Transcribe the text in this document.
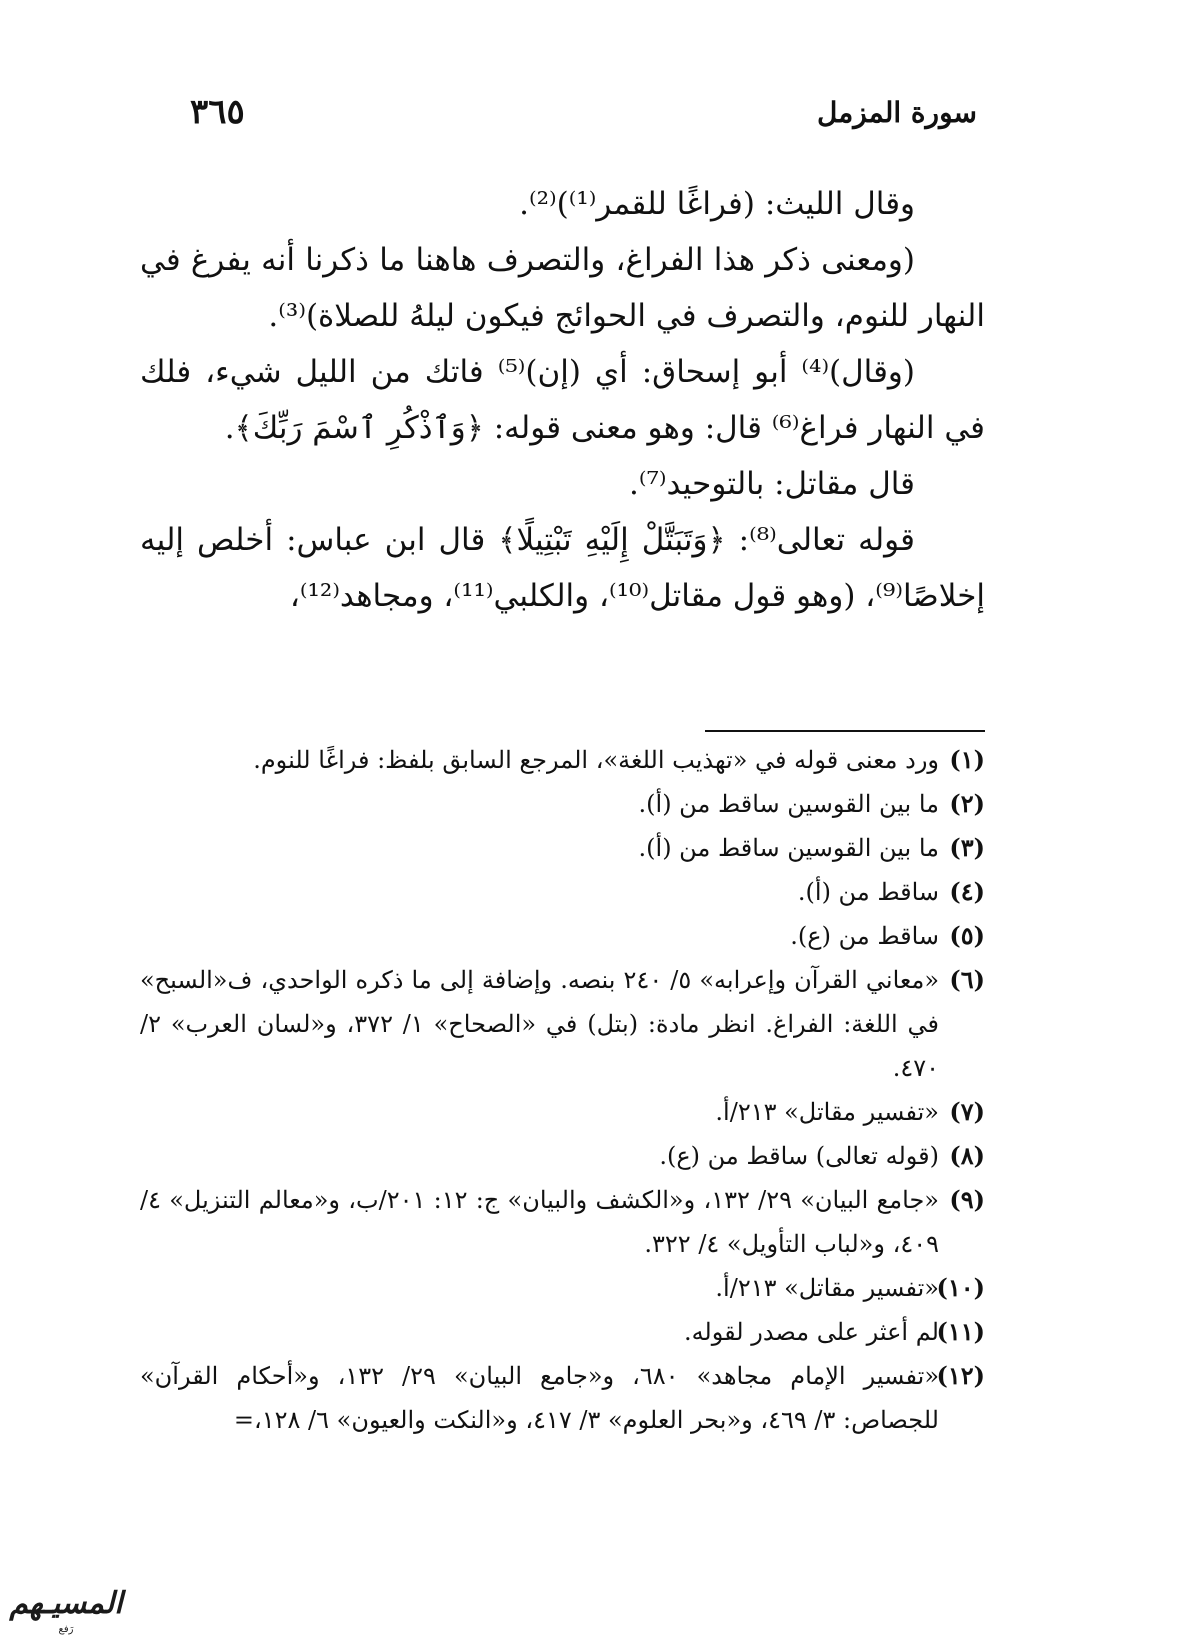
سورة المزمل
٣٦٥

وقال الليث: (فراغًا للقمر⁽¹⁾)⁽²⁾.

(ومعنى ذكر هذا الفراغ، والتصرف هاهنا ما ذكرنا أنه يفرغ في النهار للنوم، والتصرف في الحوائج فيكون ليلهُ للصلاة)⁽³⁾.

(وقال)⁽⁴⁾ أبو إسحاق: أي (إن)⁽⁵⁾ فاتك من الليل شيء، فلك في النهار فراغ⁽⁶⁾ قال: وهو معنى قوله: ﴿وَٱذْكُرِ ٱسْمَ رَبِّكَ﴾.

قال مقاتل: بالتوحيد⁽⁷⁾.

قوله تعالى⁽⁸⁾: ﴿وَتَبَتَّلْ إِلَيْهِ تَبْتِيلًا﴾ قال ابن عباس: أخلص إليه إخلاصًا⁽⁹⁾، (وهو قول مقاتل⁽¹⁰⁾، والكلبي⁽¹¹⁾، ومجاهد⁽¹²⁾،

(١)
ورد معنى قوله في «تهذيب اللغة»، المرجع السابق بلفظ: فراغًا للنوم.
(٢)
ما بين القوسين ساقط من (أ).
(٣)
ما بين القوسين ساقط من (أ).
(٤)
ساقط من (أ).
(٥)
ساقط من (ع).
(٦)
«معاني القرآن وإعرابه» ٥/ ٢٤٠ بنصه. وإضافة إلى ما ذكره الواحدي، ف«السبح» في اللغة: الفراغ. انظر مادة: (بتل) في «الصحاح» ١/ ٣٧٢، و«لسان العرب» ٢/ ٤٧٠.
(٧)
«تفسير مقاتل» ٢١٣/أ.
(٨)
(قوله تعالى) ساقط من (ع).
(٩)
«جامع البيان» ٢٩/ ١٣٢، و«الكشف والبيان» ج: ١٢: ٢٠١/ب، و«معالم التنزيل» ٤/ ٤٠٩، و«لباب التأويل» ٤/ ٣٢٢.
(١٠)
«تفسير مقاتل» ٢١٣/أ.
(١١)
لم أعثر على مصدر لقوله.
(١٢)
«تفسير الإمام مجاهد» ٦٨٠، و«جامع البيان» ٢٩/ ١٣٢، و«أحكام القرآن» للجصاص: ٣/ ٤٦٩، و«بحر العلوم» ٣/ ٤١٧، و«النكت والعيون» ٦/ ١٢٨،=
المسيـهم
رَفع
